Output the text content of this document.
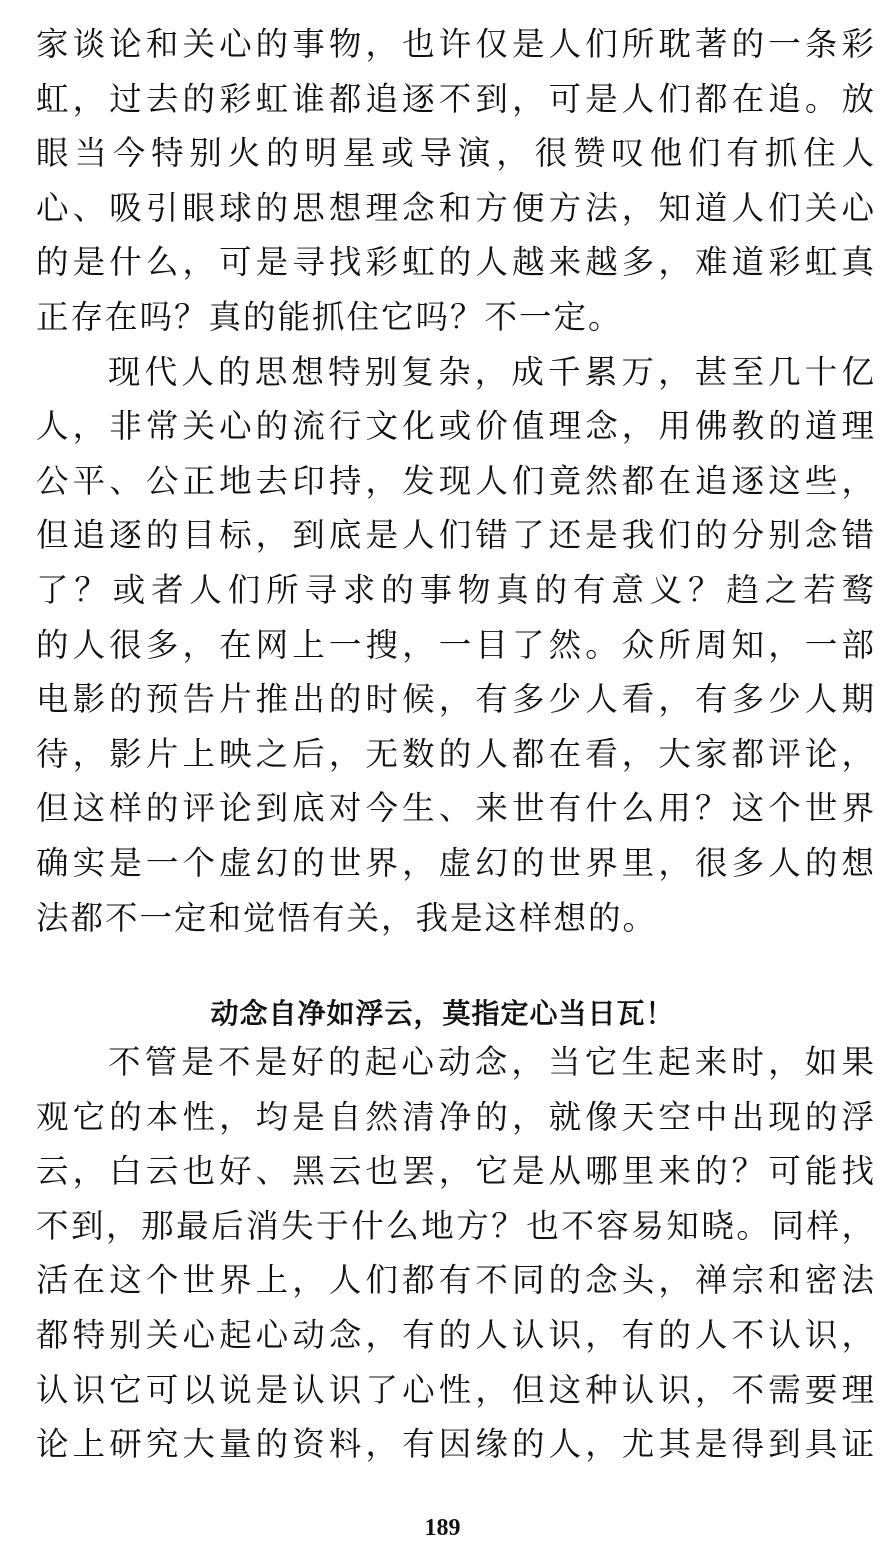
家谈论和关心的事物，也许仅是人们所耽著的一条彩
虹，过去的彩虹谁都追逐不到，可是人们都在追。放
眼当今特别火的明星或导演，很赞叹他们有抓住人
心、吸引眼球的思想理念和方便方法，知道人们关心
的是什么，可是寻找彩虹的人越来越多，难道彩虹真
正存在吗？真的能抓住它吗？不一定。
现代人的思想特别复杂，成千累万，甚至几十亿
人，非常关心的流行文化或价值理念，用佛教的道理
公平、公正地去印持，发现人们竟然都在追逐这些，
但追逐的目标，到底是人们错了还是我们的分别念错
了？或者人们所寻求的事物真的有意义？趋之若鹜
的人很多，在网上一搜，一目了然。众所周知，一部
电影的预告片推出的时候，有多少人看，有多少人期
待，影片上映之后，无数的人都在看，大家都评论，
但这样的评论到底对今生、来世有什么用？这个世界
确实是一个虚幻的世界，虚幻的世界里，很多人的想
法都不一定和觉悟有关，我是这样想的。
动念自净如浮云，莫指定心当日瓦！
不管是不是好的起心动念，当它生起来时，如果
观它的本性，均是自然清净的，就像天空中出现的浮
云，白云也好、黑云也罢，它是从哪里来的？可能找
不到，那最后消失于什么地方？也不容易知晓。同样，
活在这个世界上，人们都有不同的念头，禅宗和密法
都特别关心起心动念，有的人认识，有的人不认识，
认识它可以说是认识了心性，但这种认识，不需要理
论上研究大量的资料，有因缘的人，尤其是得到具证
189
